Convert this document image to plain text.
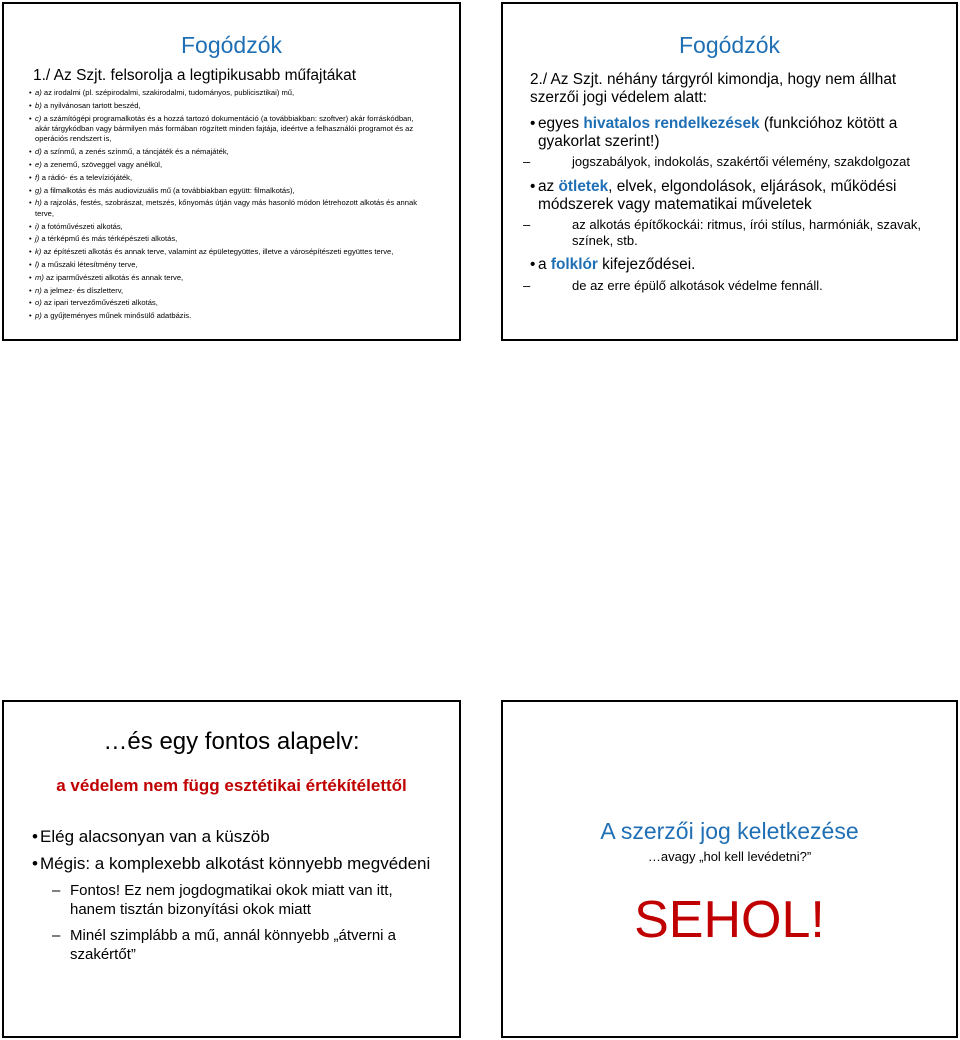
Fogódzók
1./ Az Szjt. felsorolja a legtipikusabb műfajtákat
• a) az irodalmi (pl. szépirodalmi, szakirodalmi, tudományos, publicisztikai) mű,
• b) a nyilvánosan tartott beszéd,
• c) a számítógépi programalkotás és a hozzá tartozó dokumentáció (a továbbiakban: szoftver) akár forráskódban, akár tárgykódban vagy bármilyen más formában rögzített minden fajtája, ideértve a felhasználói programot és az operációs rendszert is,
• d) a színmű, a zenés színmű, a táncjáték és a némajáték,
• e) a zenemű, szöveggel vagy anélkül,
• f) a rádió- és a televíziójáték,
• g) a filmalkotás és más audiovizuális mű (a továbbiakban együtt: filmalkotás),
• h) a rajzolás, festés, szobrászat, metszés, kőnyomás útján vagy más hasonló módon létrehozott alkotás és annak terve,
• i) a fotóművészeti alkotás,
• j) a térképmű és más térképészeti alkotás,
• k) az építészeti alkotás és annak terve, valamint az épületegyüttes, illetve a városépítészeti együttes terve,
• l) a műszaki létesítmény terve,
• m) az iparművészeti alkotás és annak terve,
• n) a jelmez- és díszletterv,
• o) az ipari tervezőművészeti alkotás,
• p) a gyűjteményes műnek minősülő adatbázis.
Fogódzók
2./ Az Szjt. néhány tárgyról kimondja, hogy nem állhat szerzői jogi védelem alatt:
• egyes hivatalos rendelkezések (funkcióhoz kötött a gyakorlat szerint!)
– jogszabályok, indokolás, szakértői vélemény, szakdolgozat
• az ötletek, elvek, elgondolások, eljárások, működési módszerek vagy matematikai műveletek
– az alkotás építőkockái: ritmus, írói stílus, harmóniák, szavak, színek, stb.
• a folklór kifejeződései.
– de az erre épülő alkotások védelme fennáll.
…és egy fontos alapelv:
a védelem nem függ esztétikai értékítélettől
• Elég alacsonyan van a küszöb
• Mégis: a komplexebb alkotást könnyebb megvédeni
– Fontos! Ez nem jogdogmatikai okok miatt van itt, hanem tisztán bizonyítási okok miatt
– Minél szimplább a mű, annál könnyebb „átverni a szakértőt”
A szerzői jog keletkezése
…avagy „hol kell levédetni?”
SEHOL!
